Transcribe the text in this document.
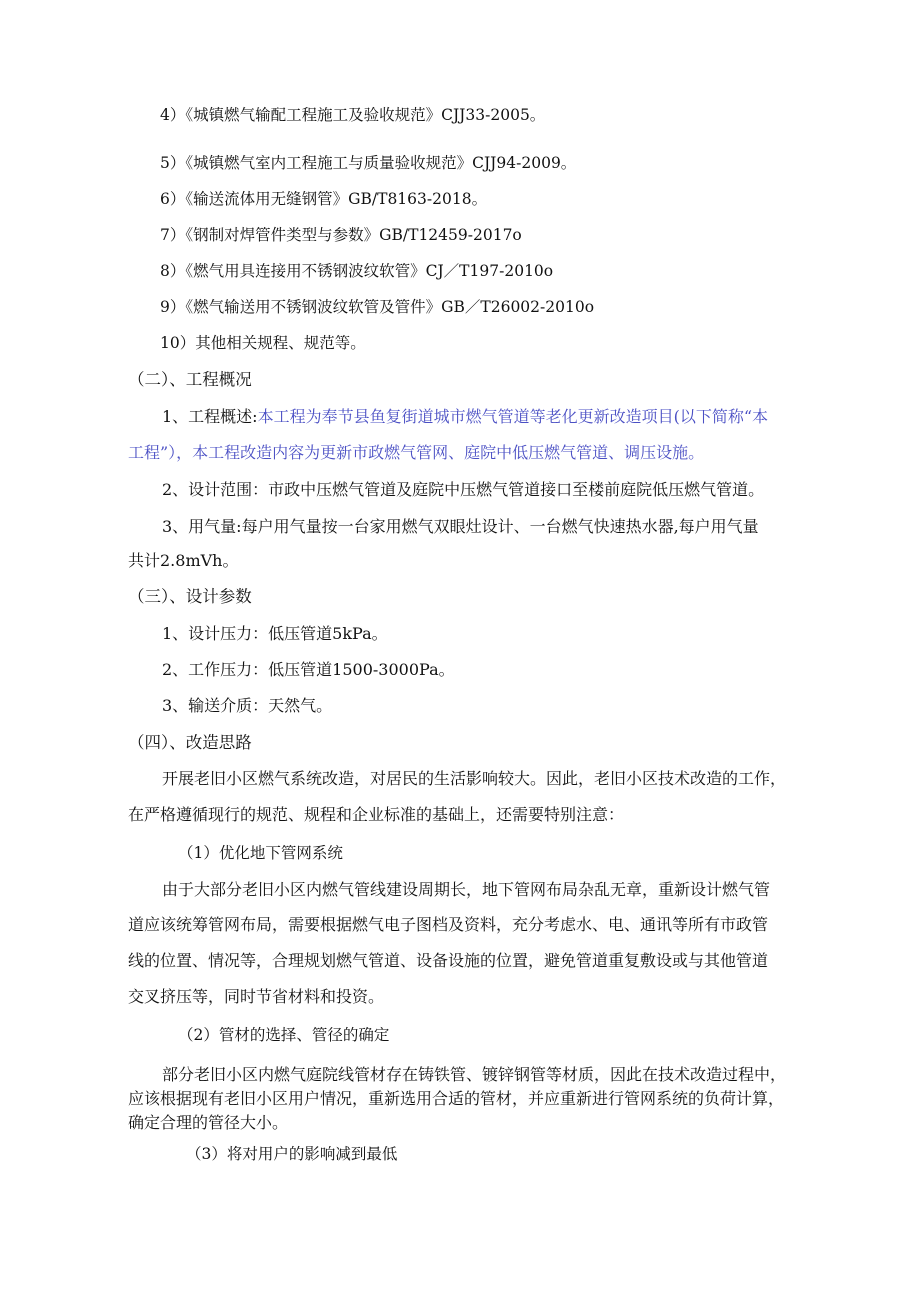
4）《城镇燃气输配工程施工及验收规范》CJJ33-2005。
5）《城镇燃气室内工程施工与质量验收规范》CJJ94-2009。
6）《输送流体用无缝钢管》GB/T8163-2018。
7）《钢制对焊管件类型与参数》GB/T12459-2017o
8）《燃气用具连接用不锈钢波纹软管》CJ／T197-2010o
9）《燃气输送用不锈钢波纹软管及管件》GB／T26002-2010o
10）其他相关规程、规范等。
（二）、工程概况
1、工程概述:本工程为奉节县鱼复街道城市燃气管道等老化更新改造项目(以下简称“本
工程”），本工程改造内容为更新市政燃气管网、庭院中低压燃气管道、调压设施。
2、设计范围：市政中压燃气管道及庭院中压燃气管道接口至楼前庭院低压燃气管道。
3、用气量:每户用气量按一台家用燃气双眼灶设计、一台燃气快速热水器,每户用气量
共计2.8mVh。
（三）、设计参数
1、设计压力：低压管道5kPa。
2、工作压力：低压管道1500-3000Pa。
3、输送介质：天然气。
（四）、改造思路
开展老旧小区燃气系统改造，对居民的生活影响较大。因此，老旧小区技术改造的工作，
在严格遵循现行的规范、规程和企业标准的基础上，还需要特别注意：
（1）优化地下管网系统
由于大部分老旧小区内燃气管线建设周期长，地下管网布局杂乱无章，重新设计燃气管
道应该统筹管网布局，需要根据燃气电子图档及资料，充分考虑水、电、通讯等所有市政管
线的位置、情况等，合理规划燃气管道、设备设施的位置，避免管道重复敷设或与其他管道
交叉挤压等，同时节省材料和投资。
（2）管材的选择、管径的确定
部分老旧小区内燃气庭院线管材存在铸铁管、镀锌钢管等材质，因此在技术改造过程中，
应该根据现有老旧小区用户情况，重新选用合适的管材，并应重新进行管网系统的负荷计算，
确定合理的管径大小。
（3）将对用户的影响减到最低
